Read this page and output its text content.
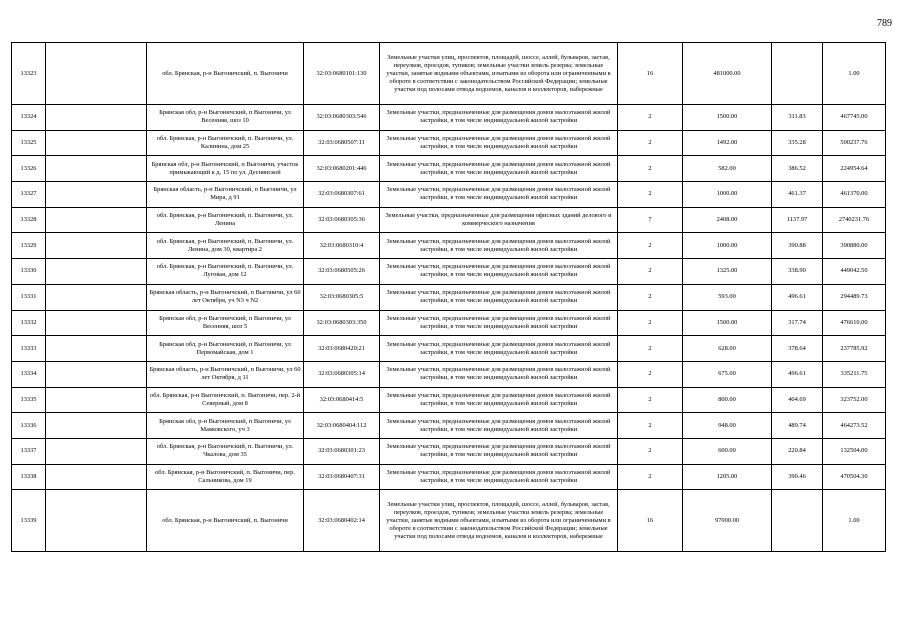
789
13323		обл. Брянская, р-н Выгоничский, п. Выгоничи	32:03:0680101:130	Земельные участки улиц, проспектов, площадей, шоссе, аллей, бульваров, застав, переулков, проездов, тупиков; земельные участки земель резерва; земельные участки, занятые водными объектами, изъятыми из оборота или ограниченными в обороте в соответствии с законодательством Российской Федерации; земельные участки под полосами отвода водоемов, каналов и коллекторов, набережные	16	481000.00		1.00
13324		Брянская обл, р-н Выгоничский, п Выгоничи, ул Весенняя, шоз 10	32:03:0680303:546	Земельные участки, предназначенные для размещения домов малоэтажной жилой застройки, в том числе индивидуальной жилой застройки	2	1500.00	311.83	467745.00
13325		обл. Брянская, р-н Выгоничский, п. Выгоничи, ул. Калинина, дом 25	32:03:0680507:11	Земельные участки, предназначенные для размещения домов малоэтажной жилой застройки, в том числе индивидуальной жилой застройки	2	1492.00	335.28	500237.76
13326		Брянская обл, р-н Выгоничский, п Выгоничи, участок примыкающий к д. 15 по ул. Деснянской	32:03:0680201:446	Земельные участки, предназначенные для размещения домов малоэтажной жилой застройки, в том числе индивидуальной жилой застройки	2	582.00	386.52	224954.64
13327		Брянская область, р-н Выгоничский, п Выгоничи, ул Мира, д 91	32:03:0680307:61	Земельные участки, предназначенные для размещения домов малоэтажной жилой застройки, в том числе индивидуальной жилой застройки	2	1000.00	461.37	461370.00
13328		обл. Брянская, р-н Выгоничский, п. Выгоничи, ул. Ленина	32:03:0680305:36	Земельные участки, предназначенные для размещения офисных зданий делового и коммерческого назначения	7	2408.00	1137.97	2740231.76
13329		обл. Брянская, р-н Выгоничский, п. Выгоничи, ул. Ленина, дом 30, квартира 2	32:03:0680310:4	Земельные участки, предназначенные для размещения домов малоэтажной жилой застройки, в том числе индивидуальной жилой застройки	2	1000.00	390.88	390880.00
13330		обл. Брянская, р-н Выгоничский, п. Выгоничи, ул. Луговая, дом 12	32:03:0680505:26	Земельные участки, предназначенные для размещения домов малоэтажной жилой застройки, в том числе индивидуальной жилой застройки	2	1325.00	338.90	449042.50
13331		Брянская область, р-н Выгоничский, п Выгоничи, ул 60 лет Октября, уч N3 ч N2	32:03:0680305:5	Земельные участки, предназначенные для размещения домов малоэтажной жилой застройки, в том числе индивидуальной жилой застройки	2	593.00	496.61	294489.73
13332		Брянская обл, р-н Выгоничский, п Выгоничи, ул Весенняя, шоз 5	32:03:0680303:350	Земельные участки, предназначенные для размещения домов малоэтажной жилой застройки, в том числе индивидуальной жилой застройки	2	1500.00	317.74	476610.00
13333		Брянская обл, р-н Выгоничский, п Выгоничи, ул Первомайская, дом 1	32:03:0680420:21	Земельные участки, предназначенные для размещения домов малоэтажной жилой застройки, в том числе индивидуальной жилой застройки	2	628.00	378.64	237785.92
13334		Брянская область, р-н Выгоничский, п Выгоничи, ул 60 лет Октября, д 11	32:03:0680305:14	Земельные участки, предназначенные для размещения домов малоэтажной жилой застройки, в том числе индивидуальной жилой застройки	2	675.00	496.61	335211.75
13335		обл. Брянская, р-н Выгоничский, п. Выгоничи, пер. 2-й Северный, дом 8	32:03:0680414:5	Земельные участки, предназначенные для размещения домов малоэтажной жилой застройки, в том числе индивидуальной жилой застройки	2	800.00	404.69	323752.00
13336		Брянская обл, р-н Выгоничский, п Выгоничи, ул Маяковского, уч 3	32:03:0680404:112	Земельные участки, предназначенные для размещения домов малоэтажной жилой застройки, в том числе индивидуальной жилой застройки	2	948.00	489.74	464273.52
13337		обл. Брянская, р-н Выгоничский, п. Выгоничи, ул. Чкалова, дом 35	32:03:0680301:23	Земельные участки, предназначенные для размещения домов малоэтажной жилой застройки, в том числе индивидуальной жилой застройки	2	600.00	220.84	132504.00
13338		обл. Брянская, р-н Выгоничский, п. Выгоничи, пер. Сальникова, дом 19	32:03:0680407:31	Земельные участки, предназначенные для размещения домов малоэтажной жилой застройки, в том числе индивидуальной жилой застройки	2	1205.00	390.46	470504.30
13339		обл. Брянская, р-н Выгоничский, п. Выгоничи	32:03:0680402:14	Земельные участки улиц, проспектов, площадей, шоссе, аллей, бульваров, застав, переулков, проездов, тупиков; земельные участки земель резерва; земельные участки, занятые водными объектами, изъятыми из оборота или ограниченными в обороте в соответствии с законодательством Российской Федерации; земельные участки под полосами отвода водоемов, каналов и коллекторов, набережные	16	97000.00		1.00
